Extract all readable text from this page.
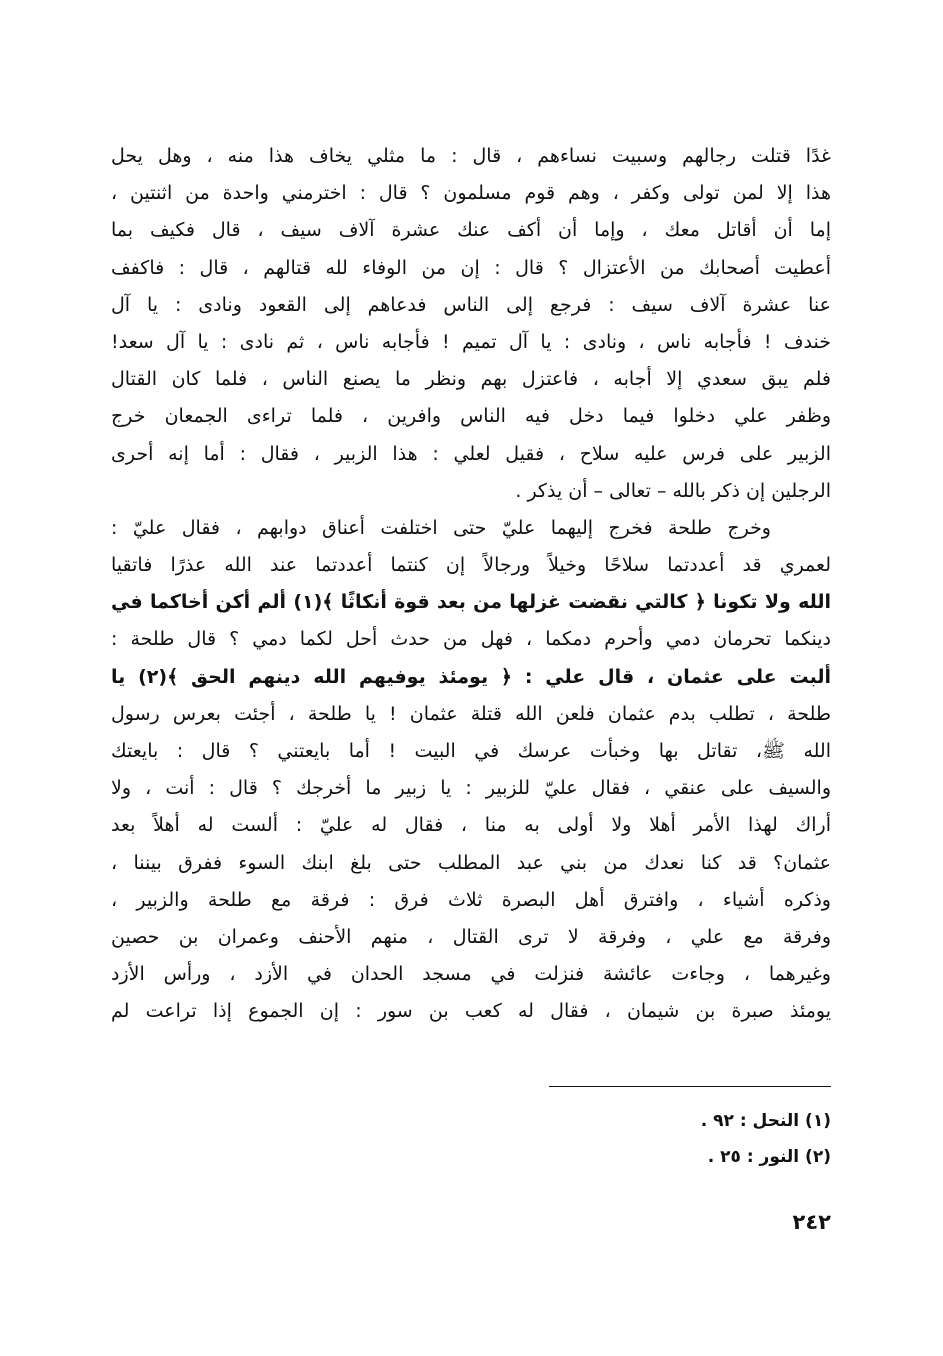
غدًا قتلت رجالهم وسبيت نساءهم ، قال : ما مثلي يخاف هذا منه ، وهل يحل
هذا إلا لمن تولى وكفر ، وهم قوم مسلمون ؟ قال : اخترمني واحدة من اثنتين ،
إما أن أقاتل معك ، وإما أن أكف عنك عشرة آلاف سيف ، قال فكيف بما
أعطيت أصحابك من الأعتزال ؟ قال : إن من الوفاء لله قتالهم ، قال : فاكفف
عنا عشرة آلاف سيف : فرجع إلى الناس فدعاهم إلى القعود ونادى : يا آل
خندف ! فأجابه ناس ، ونادى : يا آل تميم ! فأجابه ناس ، ثم نادى : يا آل سعد!
فلم يبق سعدي إلا أجابه ، فاعتزل بهم ونظر ما يصنع الناس ، فلما كان القتال
وظفر علي دخلوا فيما دخل فيه الناس وافرين ، فلما تراءى الجمعان خرج
الزبير على فرس عليه سلاح ، فقيل لعلي : هذا الزبير ، فقال : أما إنه أحرى
الرجلين إن ذكر بالله – تعالى – أن يذكر .
وخرج طلحة فخرج إليهما عليّ حتى اختلفت أعناق دوابهم ، فقال عليّ :
لعمري قد أعددتما سلاحًا وخيلاً ورجالاً إن كنتما أعددتما عند الله عذرًا فاتقيا
الله ولا تكونا ﴿ كالتي نقضت غزلها من بعد قوة أنكاثًا ﴾(١) ألم أكن أخاكما في
دينكما تحرمان دمي وأحرم دمكما ، فهل من حدث أحل لكما دمي ؟ قال طلحة :
ألبت على عثمان ، قال علي : ﴿ يومئذ يوفيهم الله دينهم الحق ﴾(٢) يا
طلحة ، تطلب بدم عثمان فلعن الله قتلة عثمان ! يا طلحة ، أجئت بعرس رسول
الله ﷺ، تقاتل بها وخبأت عرسك في البيت ! أما بايعتني ؟ قال : بايعتك
والسيف على عنقي ، فقال عليّ للزبير : يا زبير ما أخرجك ؟ قال : أنت ، ولا
أراك لهذا الأمر أهلا ولا أولى به منا ، فقال له عليّ : ألست له أهلاً بعد
عثمان؟ قد كنا نعدك من بني عبد المطلب حتى بلغ ابنك السوء ففرق بيننا ،
وذكره أشياء ، وافترق أهل البصرة ثلاث فرق : فرقة مع طلحة والزبير ،
وفرقة مع علي ، وفرقة لا ترى القتال ، منهم الأحنف وعمران بن حصين
وغيرهما ، وجاءت عائشة فنزلت في مسجد الحدان في الأزد ، ورأس الأزد
يومئذ صبرة بن شيمان ، فقال له كعب بن سور : إن الجموع إذا تراعت لم
(١) النحل : ٩٢ .
(٢) النور : ٢٥ .
٢٤٢
